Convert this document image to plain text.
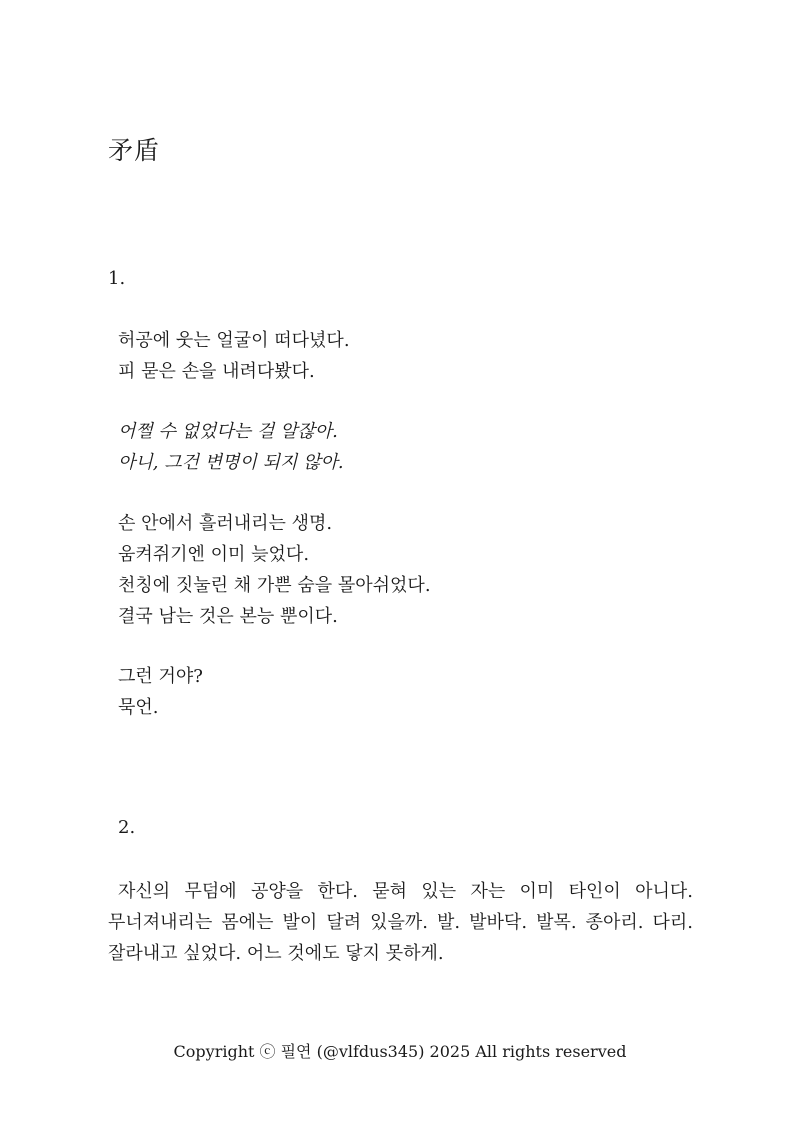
矛盾

1.

허공에 웃는 얼굴이 떠다녔다.
피 묻은 손을 내려다봤다.

어쩔 수 없었다는 걸 알잖아.
아니, 그건 변명이 되지 않아.

손 안에서 흘러내리는 생명.
움켜쥐기엔 이미 늦었다.
천칭에 짓눌린 채 가쁜 숨을 몰아쉬었다.
결국 남는 것은 본능 뿐이다.

그런 거야?
묵언.

2.

자신의 무덤에 공양을 한다. 묻혀 있는 자는 이미 타인이 아니다. 무너져내리는 몸에는 발이 달려 있을까. 발. 발바닥. 발목. 종아리. 다리. 잘라내고 싶었다. 어느 것에도 닿지 못하게.

Copyright ⓒ 필연 (@vlfdus345) 2025 All rights reserved
